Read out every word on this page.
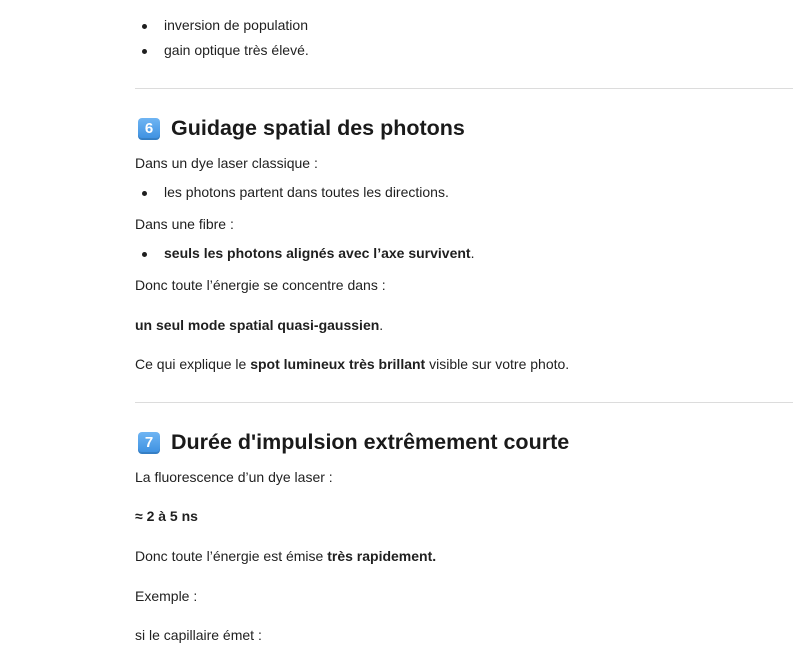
inversion de population
gain optique très élevé.
6 Guidage spatial des photons
Dans un dye laser classique :
les photons partent dans toutes les directions.
Dans une fibre :
seuls les photons alignés avec l’axe survivent.
Donc toute l’énergie se concentre dans :
un seul mode spatial quasi-gaussien.
Ce qui explique le spot lumineux très brillant visible sur votre photo.
7 Durée d'impulsion extrêmement courte
La fluorescence d’un dye laser :
≈ 2 à 5 ns
Donc toute l’énergie est émise très rapidement.
Exemple :
si le capillaire émet :
